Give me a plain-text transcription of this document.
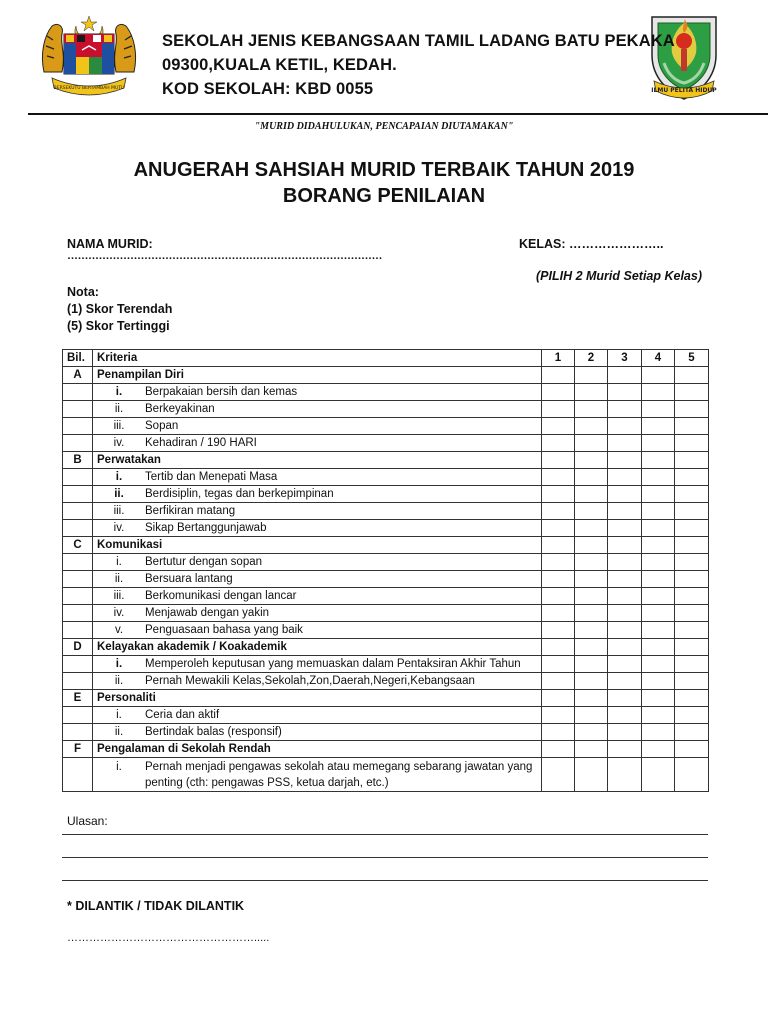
BERSEKUTU BERTAMBAH MUTU	ILMU PELITA HIDUP
SEKOLAH JENIS KEBANGSAAN TAMIL LADANG BATU PEKAKA
09300,KUALA KETIL, KEDAH.
KOD SEKOLAH: KBD 0055
"MURID DIDAHULUKAN, PENCAPAIAN DIUTAMAKAN"
ANUGERAH SAHSIAH MURID TERBAIK TAHUN 2019
BORANG PENILAIAN
NAMA MURID:
………………………………………………………………………………
KELAS: …………………..
(PILIH 2 Murid Setiap Kelas)
Nota:
(1) Skor Terendah
(5) Skor Tertinggi
Bil.	Kriteria	1	2	3	4	5
A	Penampilan Diri					

i.	Berpakaian bersih dan kemas

ii.	Berkeyakinan

iii.	Sopan

iv.	Kehadiran / 190 HARI

B	Perwatakan					

i.	Tertib dan Menepati Masa

ii.	Berdisiplin, tegas dan berkepimpinan

iii.	Berfikiran matang

iv.	Sikap Bertanggunjawab

C	Komunikasi					

i.	Bertutur dengan sopan

ii.	Bersuara lantang

iii.	Berkomunikasi dengan lancar

iv.	Menjawab dengan yakin

v.	Penguasaan bahasa yang baik

D	Kelayakan akademik / Koakademik					

i.	Memperoleh keputusan yang memuaskan dalam Pentaksiran Akhir Tahun

ii.	Pernah Mewakili Kelas,Sekolah,Zon,Daerah,Negeri,Kebangsaan

E	Personaliti					

i.	Ceria dan aktif

ii.	Bertindak balas (responsif)

F	Pengalaman di Sekolah Rendah					

i.	Pernah menjadi pengawas sekolah atau memegang sebarang jawatan yang
penting (cth: pengawas PSS, ketua darjah, etc.)

Ulasan:
* DILANTIK / TIDAK DILANTIK
…………………………………………….....
